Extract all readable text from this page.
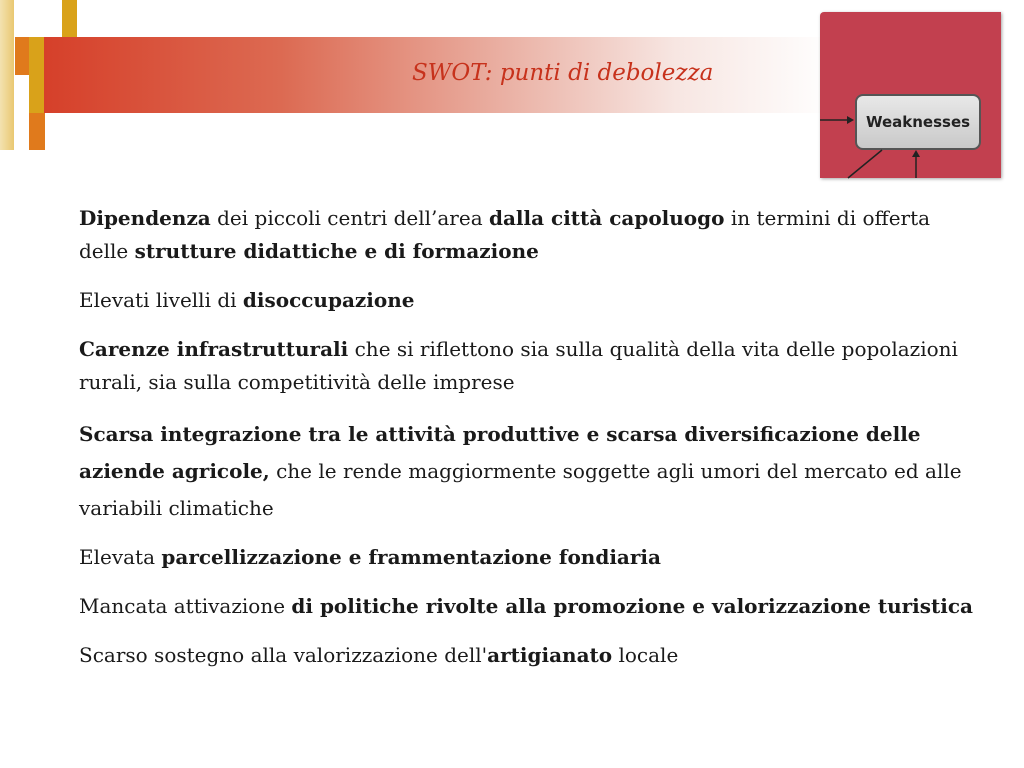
SWOT: punti di debolezza
Weaknesses

Dipendenza dei piccoli centri dell’area dalla città capoluogo in termini di offerta delle strutture didattiche e di formazione

Elevati livelli di disoccupazione

Carenze infrastrutturali che si riflettono sia sulla qualità della vita delle popolazioni rurali, sia sulla competitività delle imprese

Scarsa integrazione tra le attività produttive e scarsa diversificazione delle aziende agricole, che le rende maggiormente soggette agli umori del mercato ed alle variabili climatiche

Elevata parcellizzazione e frammentazione fondiaria

Mancata attivazione di politiche rivolte alla promozione e valorizzazione turistica

Scarso sostegno alla valorizzazione dell'artigianato locale
